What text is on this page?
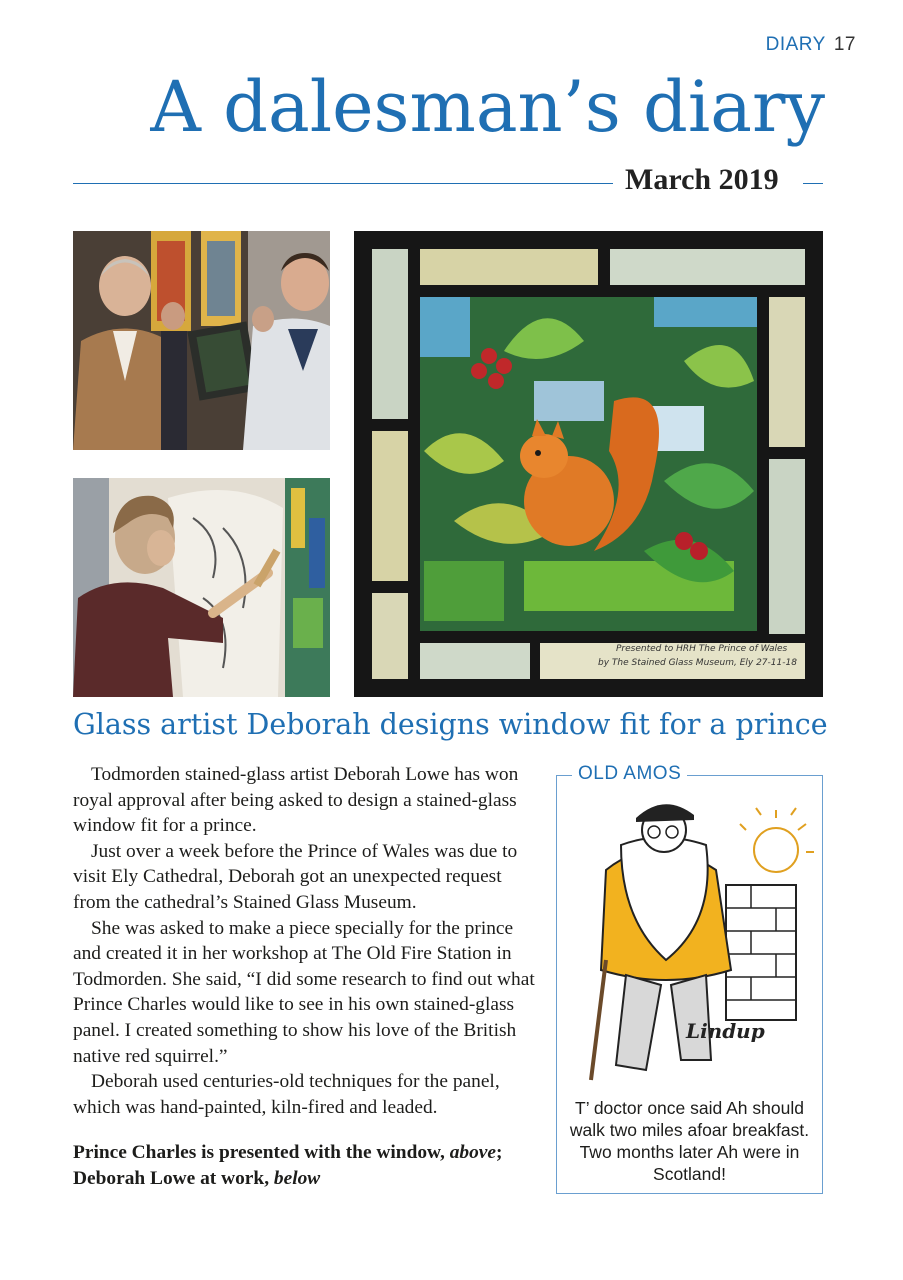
DIARY 17
A dalesman’s diary
March 2019
Presented to HRH The Prince of Wales
by The Stained Glass Museum, Ely 27-11-18
Glass artist Deborah designs window fit for a prince

Todmorden stained-glass artist Deborah Lowe has won royal approval after being asked to design a stained-glass window fit for a prince.

Just over a week before the Prince of Wales was due to visit Ely Cathedral, Deborah got an unexpected request from the cathedral’s Stained Glass Museum.

She was asked to make a piece specially for the prince and created it in her workshop at The Old Fire Station in Todmorden. She said, “I did some research to find out what Prince Charles would like to see in his own stained-glass panel. I created something to show his love of the British native red squirrel.”

Deborah used centuries-old techniques for the panel, which was hand-painted, kiln-fired and leaded.

Prince Charles is presented with the window, above; Deborah Lowe at work, below
OLD AMOS
Lindup
T’ doctor once said Ah should walk two miles afoar breakfast. Two months later Ah were in Scotland!
